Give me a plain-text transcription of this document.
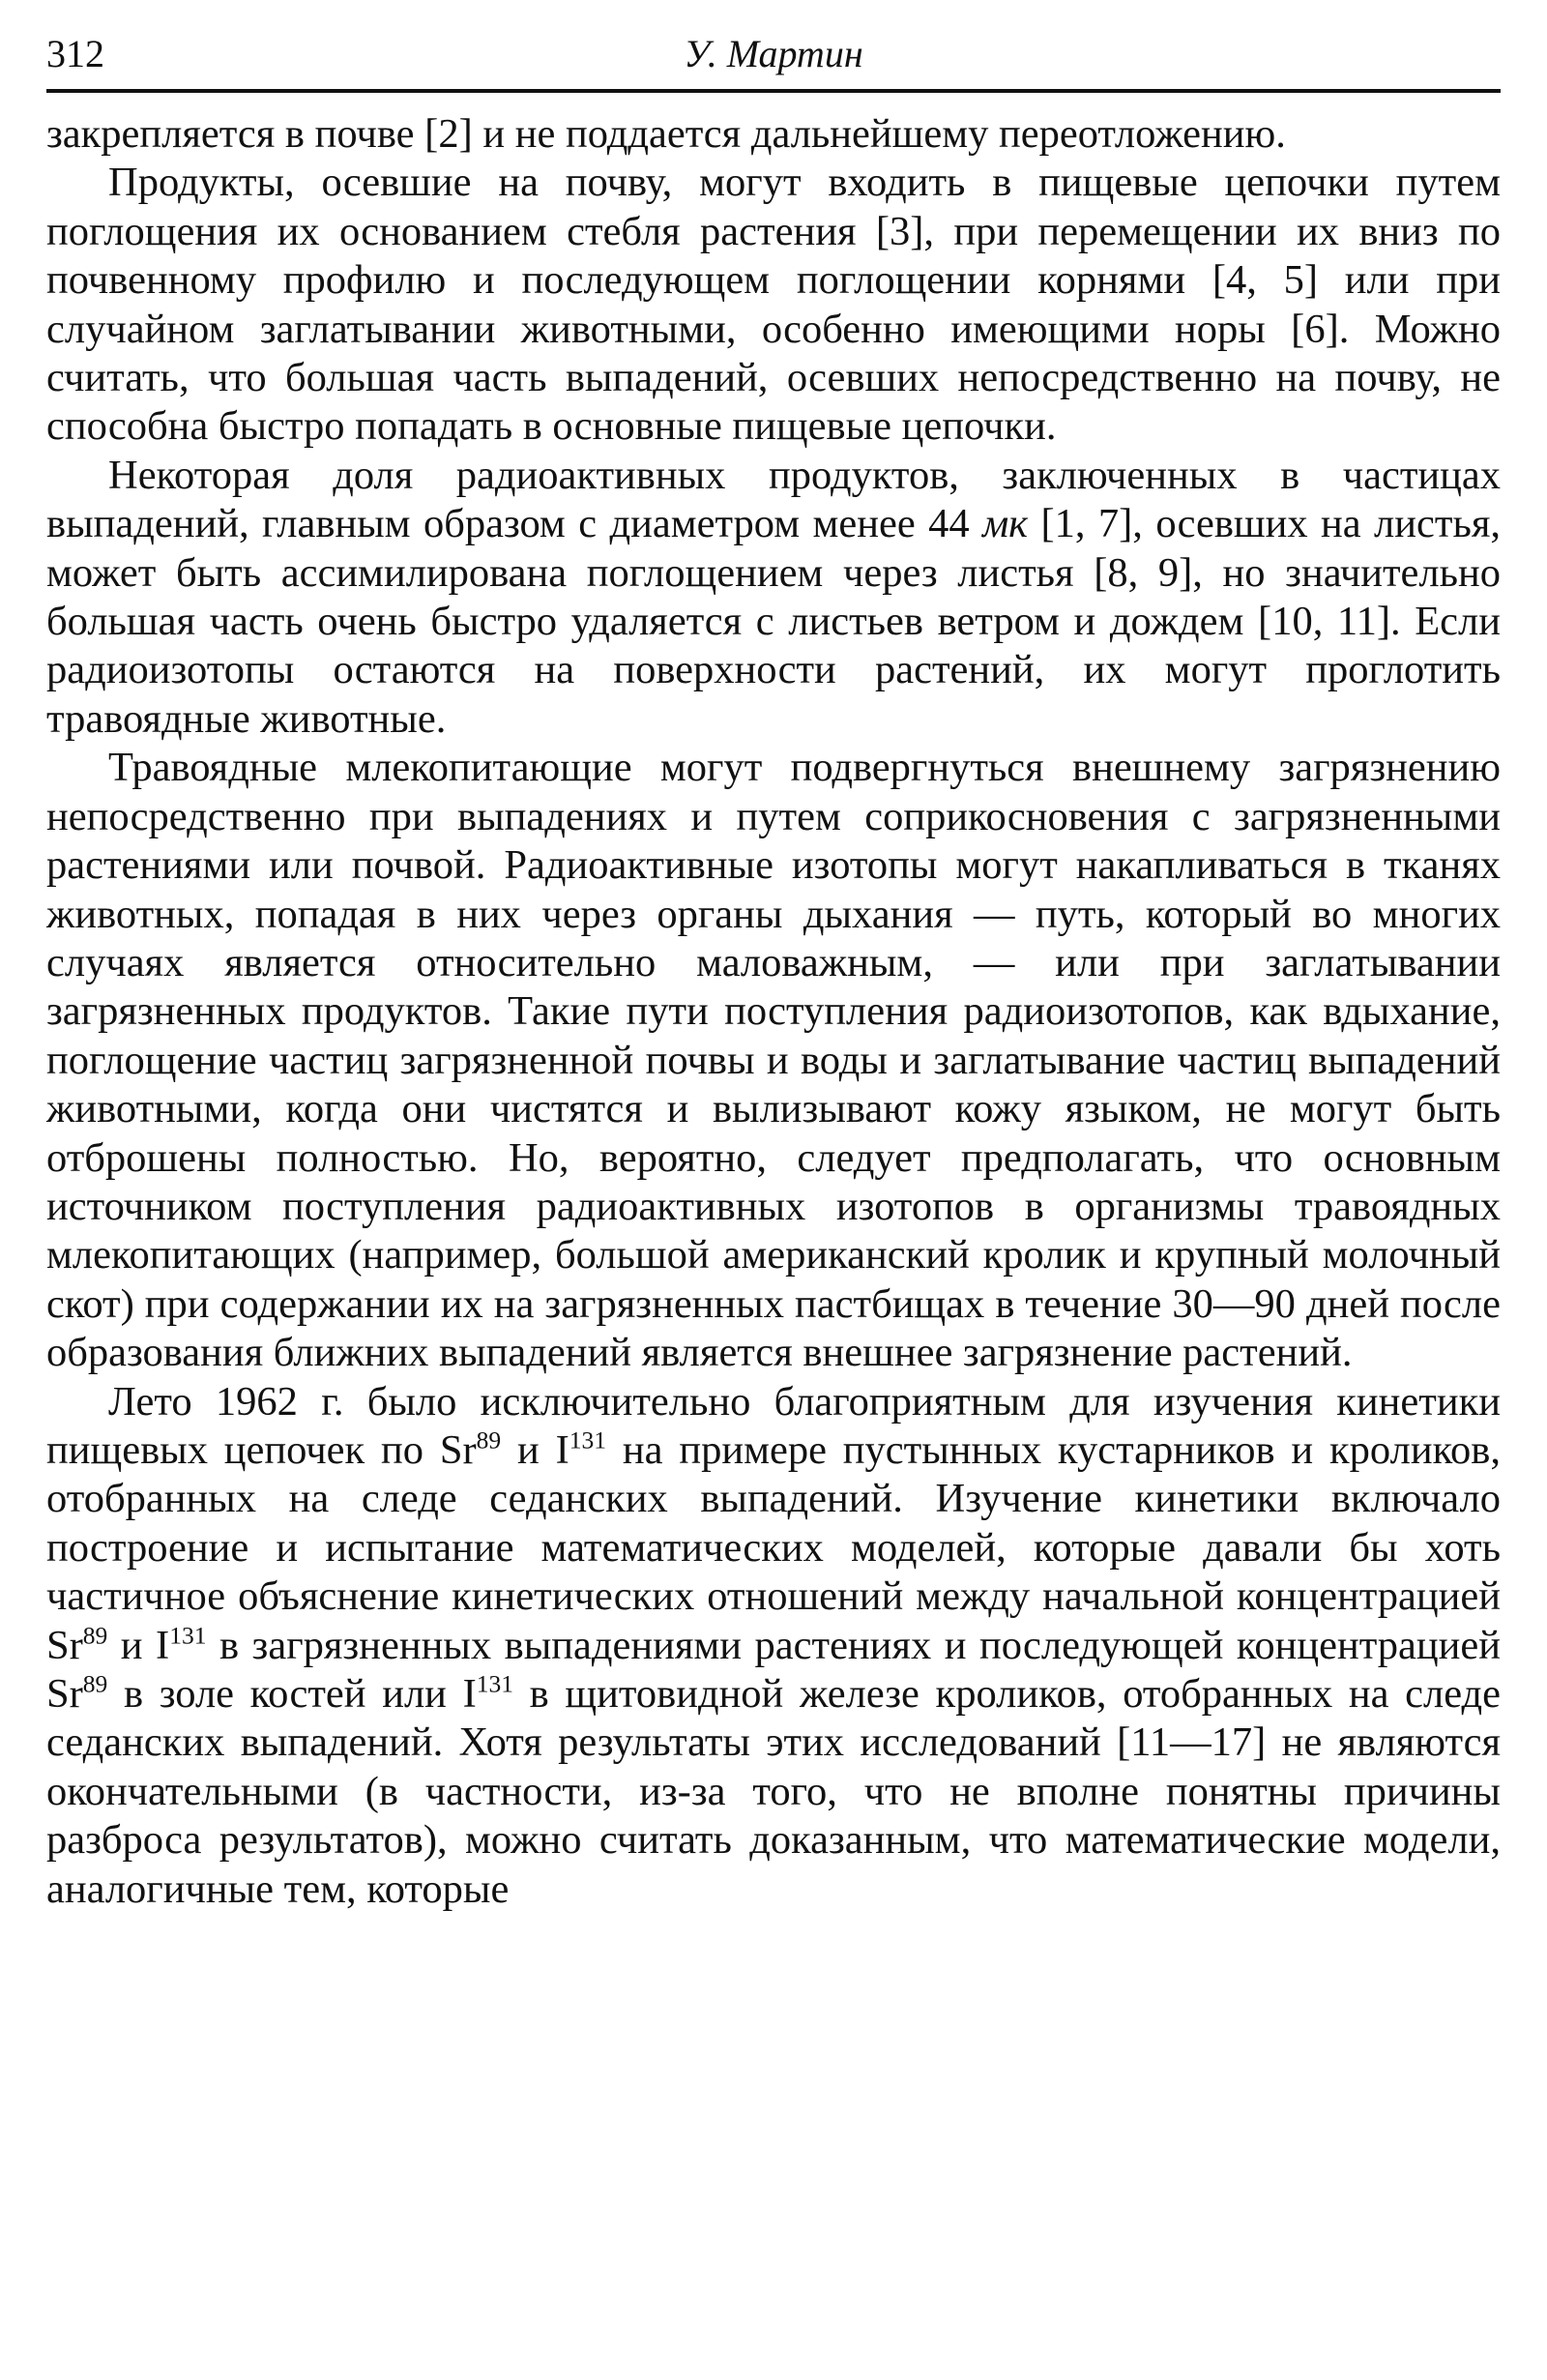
312	У. Мартин

закрепляется в почве [2] и не поддается дальнейшему переотложению.

Продукты, осевшие на почву, могут входить в пищевые цепочки путем поглощения их основанием стебля растения [3], при перемещении их вниз по почвенному профилю и последующем поглощении корнями [4, 5] или при случайном заглатывании животными, особенно имеющими норы [6]. Можно считать, что большая часть выпадений, осевших непосредственно на почву, не способна быстро попадать в основные пищевые цепочки.

Некоторая доля радиоактивных продуктов, заключенных в частицах выпадений, главным образом с диаметром менее 44 мк [1, 7], осевших на листья, может быть ассимилирована поглощением через листья [8, 9], но значительно большая часть очень быстро удаляется с листьев ветром и дождем [10, 11]. Если радиоизотопы остаются на поверхности растений, их могут проглотить травоядные животные.

Травоядные млекопитающие могут подвергнуться внешнему загрязнению непосредственно при выпадениях и путем соприкосновения с загрязненными растениями или почвой. Радиоактивные изотопы могут накапливаться в тканях животных, попадая в них через органы дыхания — путь, который во многих случаях является относительно маловажным, — или при заглатывании загрязненных продуктов. Такие пути поступления радиоизотопов, как вдыхание, поглощение частиц загрязненной почвы и воды и заглатывание частиц выпадений животными, когда они чистятся и вылизывают кожу языком, не могут быть отброшены полностью. Но, вероятно, следует предполагать, что основным источником поступления радиоактивных изотопов в организмы травоядных млекопитающих (например, большой американский кролик и крупный молочный скот) при содержании их на загрязненных пастбищах в течение 30—90 дней после образования ближних выпадений является внешнее загрязнение растений.

Лето 1962 г. было исключительно благоприятным для изучения кинетики пищевых цепочек по Sr$^{89}$ и $I^{131}$ на примере пустынных кустарников и кроликов, отобранных на следе седанских выпадений. Изучение кинетики включало построение и испытание математических моделей, которые давали бы хоть частичное объяснение кинетических отношений между начальной концентрацией Sr$^{89}$ и $I^{131}$ в загрязненных выпадениями растениях и последующей концентрацией Sr$^{89}$ в золе костей или $I^{131}$ в щитовидной железе кроликов, отобранных на следе седанских выпадений. Хотя результаты этих исследований [11—17] не являются окончательными (в частности, из-за того, что не вполне понятны причины разброса результатов), можно считать доказанным, что математические модели, аналогичные тем, которые
